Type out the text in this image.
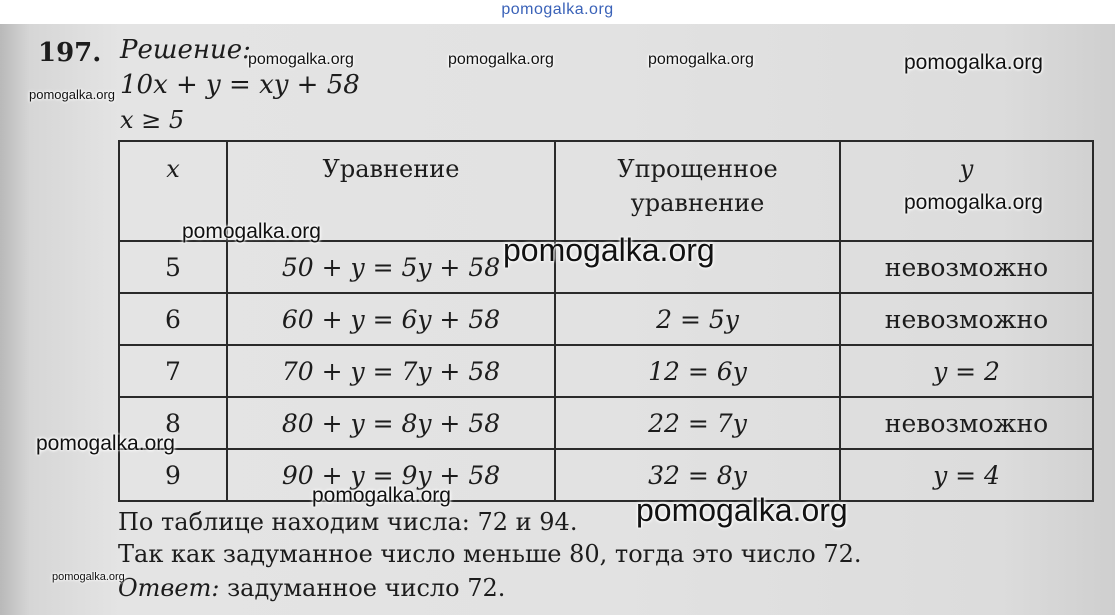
pomogalka.org
197. Решение:
10x + y = xy + 58
x ≥ 5
x	Уравнение	Упрощенное уравнение	y
5	50 + y = 5y + 58		невозможно
6	60 + y = 6y + 58	2 = 5y	невозможно
7	70 + y = 7y + 58	12 = 6y	y = 2
8	80 + y = 8y + 58	22 = 7y	невозможно
9	90 + y = 9y + 58	32 = 8y	y = 4
По таблице находим числа: 72 и 94.
Так как задуманное число меньше 80, тогда это число 72.
Ответ: задуманное число 72.
pomogalka.org	pomogalka.org	pomogalka.org	pomogalka.org
pomogalka.org
pomogalka.org
pomogalka.org
pomogalka.org
pomogalka.org
pomogalka.org	pomogalka.org
pomogalka.org
